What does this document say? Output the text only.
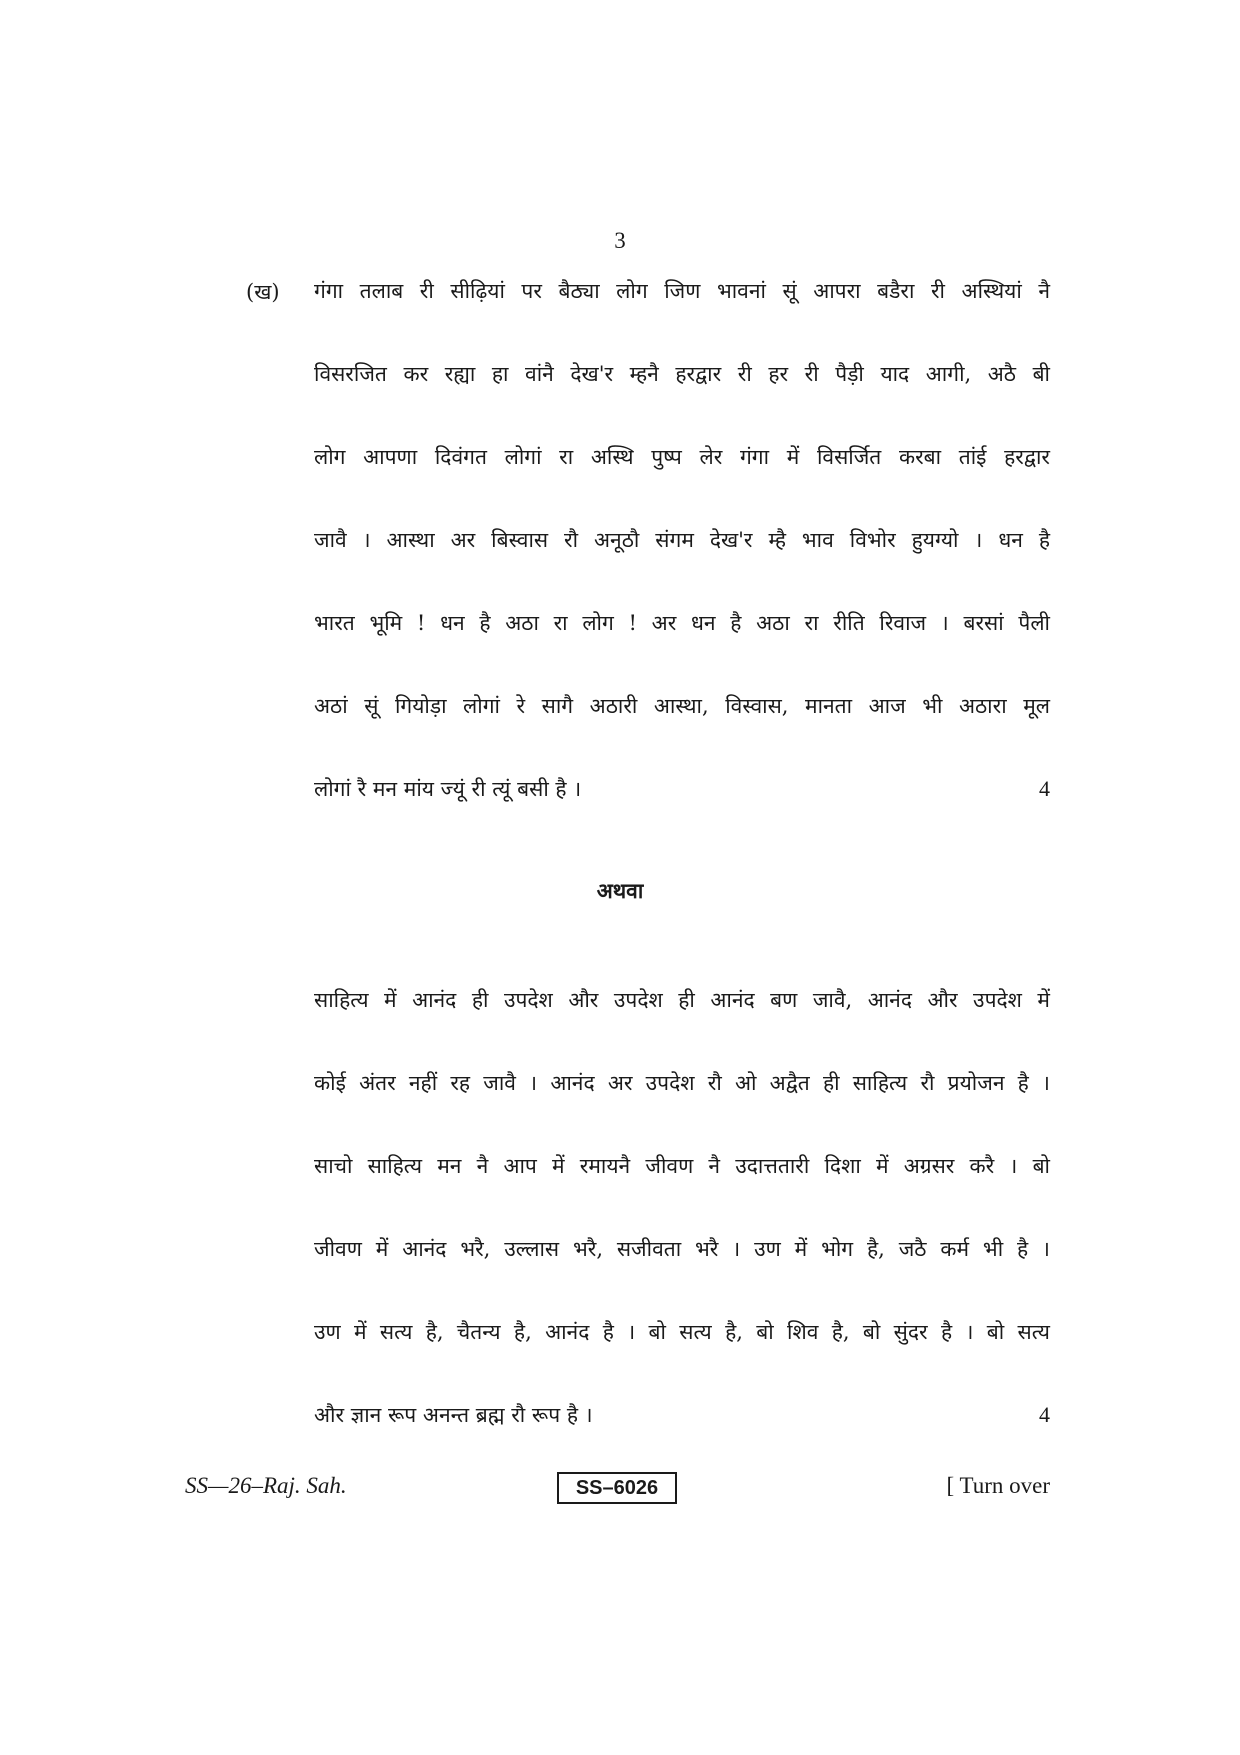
3
(ख) गंगा तलाब री सीढ़ियां पर बैठ्या लोग जिण भावनां सूं आपरा बडैरा री अस्थियां नै
विसरजित कर रह्या हा वांनै देख'र म्हनै हरद्वार री हर री पैड़ी याद आगी, अठै बी
लोग आपणा दिवंगत लोगां रा अस्थि पुष्प लेर गंगा में विसर्जित करबा तांई हरद्वार
जावै । आस्था अर बिस्वास रौ अनूठौ संगम देख'र म्है भाव विभोर हुयग्यो । धन है
भारत भूमि ! धन है अठा रा लोग ! अर धन है अठा रा रीति रिवाज । बरसां पैली
अठां सूं गियोड़ा लोगां रे सागै अठारी आस्था, विस्वास, मानता आज भी अठारा मूल
लोगां रै मन मांय ज्यूं री त्यूं बसी है ।	4
अथवा
साहित्य में आनंद ही उपदेश और उपदेश ही आनंद बण जावै, आनंद और उपदेश में
कोई अंतर नहीं रह जावै । आनंद अर उपदेश रौ ओ अद्वैत ही साहित्य रौ प्रयोजन है ।
साचो साहित्य मन नै आप में रमायनै जीवण नै उदात्ततारी दिशा में अग्रसर करै । बो
जीवण में आनंद भरै, उल्लास भरै, सजीवता भरै । उण में भोग है, जठै कर्म भी है ।
उण में सत्य है, चैतन्य है, आनंद है । बो सत्य है, बो शिव है, बो सुंदर है । बो सत्य
और ज्ञान रूप अनन्त ब्रह्म रौ रूप है ।	4
SS—26–Raj. Sah.	SS–6026	[ Turn over
